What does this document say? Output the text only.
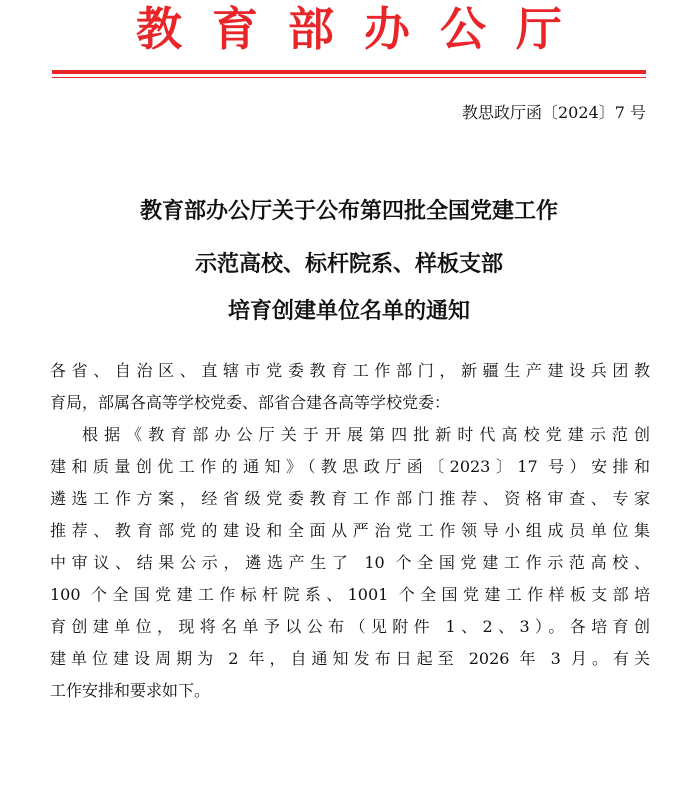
教育部办公厅
教思政厅函〔2024〕7 号
教育部办公厅关于公布第四批全国党建工作
示范高校、标杆院系、样板支部
培育创建单位名单的通知
各省、自治区、直辖市党委教育工作部门，新疆生产建设兵团教
育局，部属各高等学校党委、部省合建各高等学校党委：
根据《教育部办公厅关于开展第四批新时代高校党建示范创
建和质量创优工作的通知》（教思政厅函〔2023〕17 号）安排和
遴选工作方案，经省级党委教育工作部门推荐、资格审查、专家
推荐、教育部党的建设和全面从严治党工作领导小组成员单位集
中审议、结果公示，遴选产生了 10 个全国党建工作示范高校、
100 个全国党建工作标杆院系、1001 个全国党建工作样板支部培
育创建单位，现将名单予以公布（见附件 1、2、3）。各培育创
建单位建设周期为 2 年，自通知发布日起至 2026 年 3 月。有关
工作安排和要求如下。
